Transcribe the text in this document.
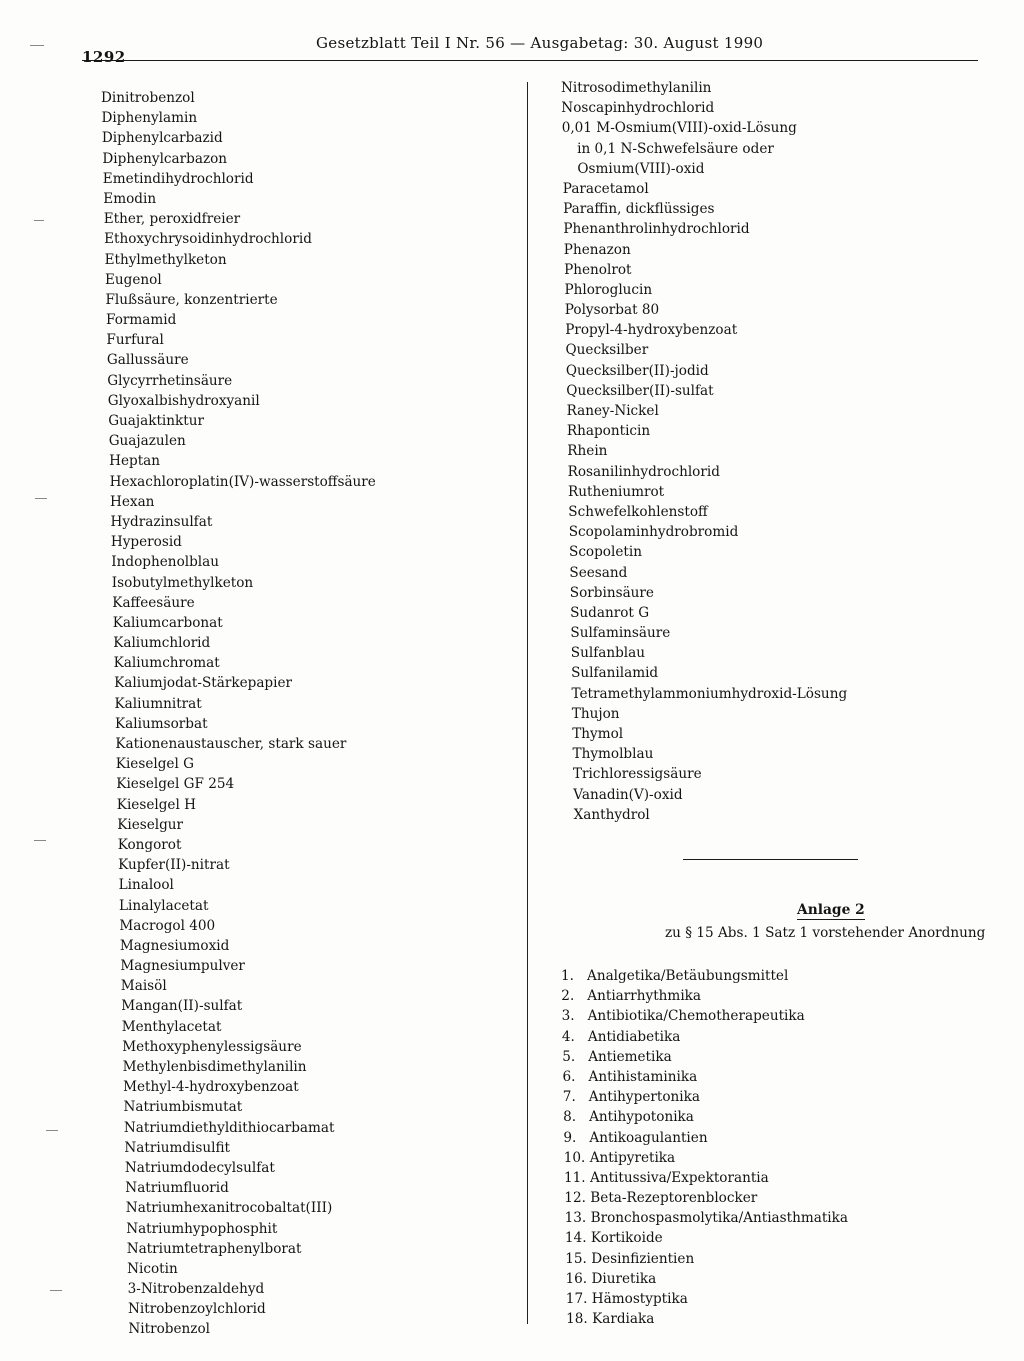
1292
Gesetzblatt Teil I Nr. 56 — Ausgabetag: 30. August 1990
Dinitrobenzol
Diphenylamin
Diphenylcarbazid
Diphenylcarbazon
Emetindihydrochlorid
Emodin
Ether, peroxidfreier
Ethoxychrysoidinhydrochlorid
Ethylmethylketon
Eugenol
Flußsäure, konzentrierte
Formamid
Furfural
Gallussäure
Glycyrrhetinsäure
Glyoxalbishydroxyanil
Guajaktinktur
Guajazulen
Heptan
Hexachloroplatin(IV)-wasserstoffsäure
Hexan
Hydrazinsulfat
Hyperosid
Indophenolblau
Isobutylmethylketon
Kaffeesäure
Kaliumcarbonat
Kaliumchlorid
Kaliumchromat
Kaliumjodat-Stärkepapier
Kaliumnitrat
Kaliumsorbat
Kationenaustauscher, stark sauer
Kieselgel G
Kieselgel GF 254
Kieselgel H
Kieselgur
Kongorot
Kupfer(II)-nitrat
Linalool
Linalylacetat
Macrogol 400
Magnesiumoxid
Magnesiumpulver
Maisöl
Mangan(II)-sulfat
Menthylacetat
Methoxyphenylessigsäure
Methylenbisdimethylanilin
Methyl-4-hydroxybenzoat
Natriumbismutat
Natriumdiethyldithiocarbamat
Natriumdisulfit
Natriumdodecylsulfat
Natriumfluorid
Natriumhexanitrocobaltat(III)
Natriumhypophosphit
Natriumtetraphenylborat
Nicotin
3-Nitrobenzaldehyd
Nitrobenzoylchlorid
Nitrobenzol
Nitrosodimethylanilin
Noscapinhydrochlorid
0,01 M-Osmium(VIII)-oxid-Lösung
in 0,1 N-Schwefelsäure oder
Osmium(VIII)-oxid
Paracetamol
Paraffin, dickflüssiges
Phenanthrolinhydrochlorid
Phenazon
Phenolrot
Phloroglucin
Polysorbat 80
Propyl-4-hydroxybenzoat
Quecksilber
Quecksilber(II)-jodid
Quecksilber(II)-sulfat
Raney-Nickel
Rhaponticin
Rhein
Rosanilinhydrochlorid
Rutheniumrot
Schwefelkohlenstoff
Scopolaminhydrobromid
Scopoletin
Seesand
Sorbinsäure
Sudanrot G
Sulfaminsäure
Sulfanblau
Sulfanilamid
Tetramethylammoniumhydroxid-Lösung
Thujon
Thymol
Thymolblau
Trichloressigsäure
Vanadin(V)-oxid
Xanthydrol
Anlage 2
zu § 15 Abs. 1 Satz 1 vorstehender Anordnung
1. Analgetika/Betäubungsmittel
2. Antiarrhythmika
3. Antibiotika/Chemotherapeutika
4. Antidiabetika
5. Antiemetika
6. Antihistaminika
7. Antihypertonika
8. Antihypotonika
9. Antikoagulantien
10. Antipyretika
11. Antitussiva/Expektorantia
12. Beta-Rezeptorenblocker
13. Bronchospasmolytika/Antiasthmatika
14. Kortikoide
15. Desinfizientien
16. Diuretika
17. Hämostyptika
18. Kardiaka
